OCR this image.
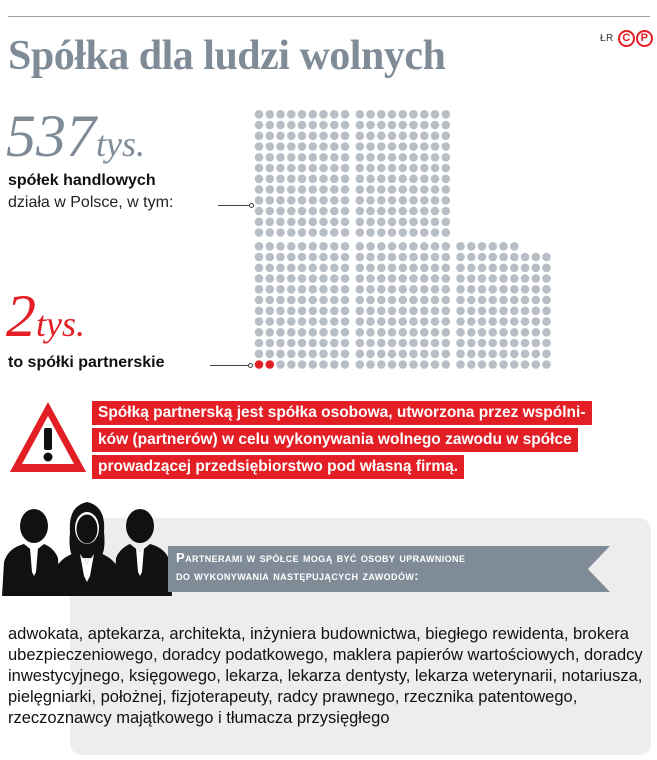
Spółka dla ludzi wolnych	ŁR C P
537tys.
spółek handlowych
działa w Polsce, w tym:
2tys.
to spółki partnerskie
Spółką partnerską jest spółka osobowa, utworzona przez wspólni-
ków (partnerów) w celu wykonywania wolnego zawodu w spółce
prowadzącej przedsiębiorstwo pod własną firmą.
Partnerami w spółce mogą być osoby uprawnione
do wykonywania następujących zawodów:
adwokata, aptekarza, architekta, inżyniera budownictwa, biegłego rewidenta, brokera ubezpieczeniowego, doradcy podatkowego, maklera papierów wartościowych, doradcy inwestycyjnego, księgowego, lekarza, lekarza dentysty, lekarza weterynarii, notariusza, pielęgniarki, położnej, fizjoterapeuty, radcy prawnego, rzecznika patentowego, rzeczoznawcy majątkowego i tłumacza przysięgłego
